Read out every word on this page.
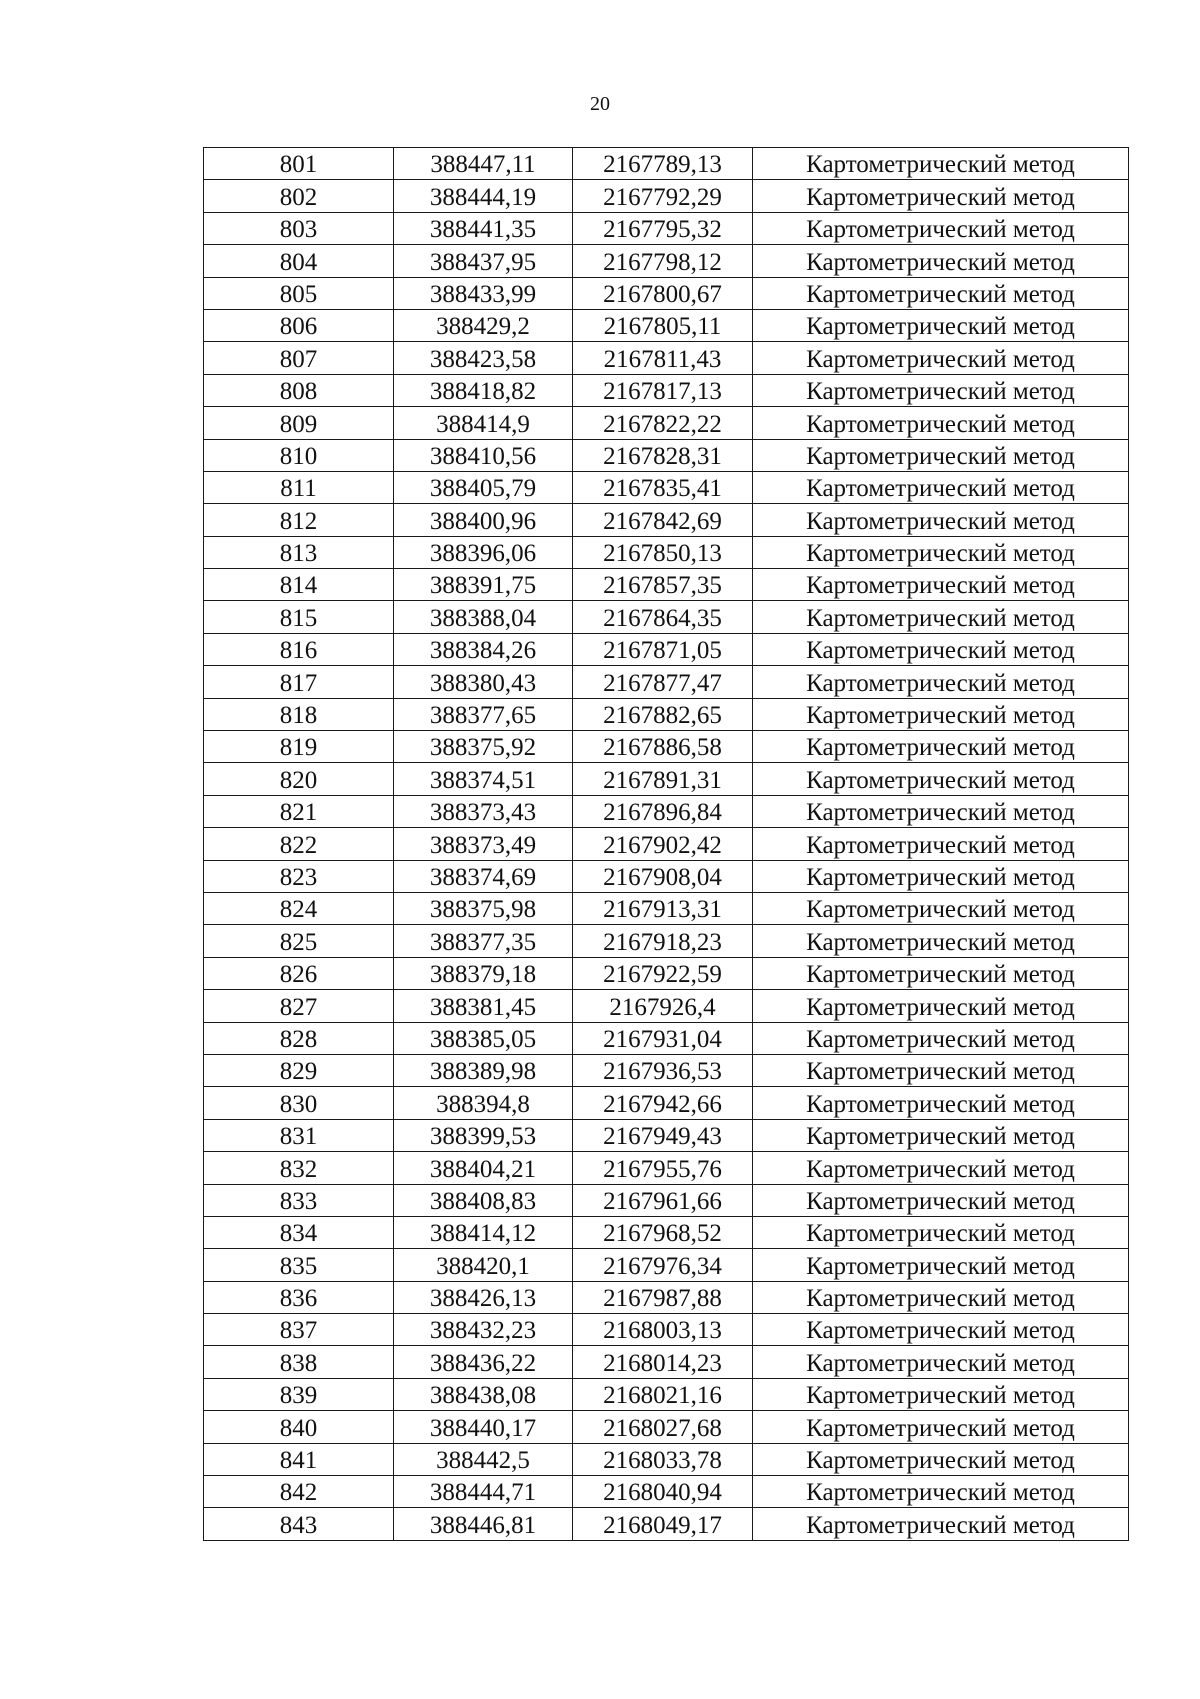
20
801	388447,11	2167789,13	Картометрический метод
802	388444,19	2167792,29	Картометрический метод
803	388441,35	2167795,32	Картометрический метод
804	388437,95	2167798,12	Картометрический метод
805	388433,99	2167800,67	Картометрический метод
806	388429,2	2167805,11	Картометрический метод
807	388423,58	2167811,43	Картометрический метод
808	388418,82	2167817,13	Картометрический метод
809	388414,9	2167822,22	Картометрический метод
810	388410,56	2167828,31	Картометрический метод
811	388405,79	2167835,41	Картометрический метод
812	388400,96	2167842,69	Картометрический метод
813	388396,06	2167850,13	Картометрический метод
814	388391,75	2167857,35	Картометрический метод
815	388388,04	2167864,35	Картометрический метод
816	388384,26	2167871,05	Картометрический метод
817	388380,43	2167877,47	Картометрический метод
818	388377,65	2167882,65	Картометрический метод
819	388375,92	2167886,58	Картометрический метод
820	388374,51	2167891,31	Картометрический метод
821	388373,43	2167896,84	Картометрический метод
822	388373,49	2167902,42	Картометрический метод
823	388374,69	2167908,04	Картометрический метод
824	388375,98	2167913,31	Картометрический метод
825	388377,35	2167918,23	Картометрический метод
826	388379,18	2167922,59	Картометрический метод
827	388381,45	2167926,4	Картометрический метод
828	388385,05	2167931,04	Картометрический метод
829	388389,98	2167936,53	Картометрический метод
830	388394,8	2167942,66	Картометрический метод
831	388399,53	2167949,43	Картометрический метод
832	388404,21	2167955,76	Картометрический метод
833	388408,83	2167961,66	Картометрический метод
834	388414,12	2167968,52	Картометрический метод
835	388420,1	2167976,34	Картометрический метод
836	388426,13	2167987,88	Картометрический метод
837	388432,23	2168003,13	Картометрический метод
838	388436,22	2168014,23	Картометрический метод
839	388438,08	2168021,16	Картометрический метод
840	388440,17	2168027,68	Картометрический метод
841	388442,5	2168033,78	Картометрический метод
842	388444,71	2168040,94	Картометрический метод
843	388446,81	2168049,17	Картометрический метод
